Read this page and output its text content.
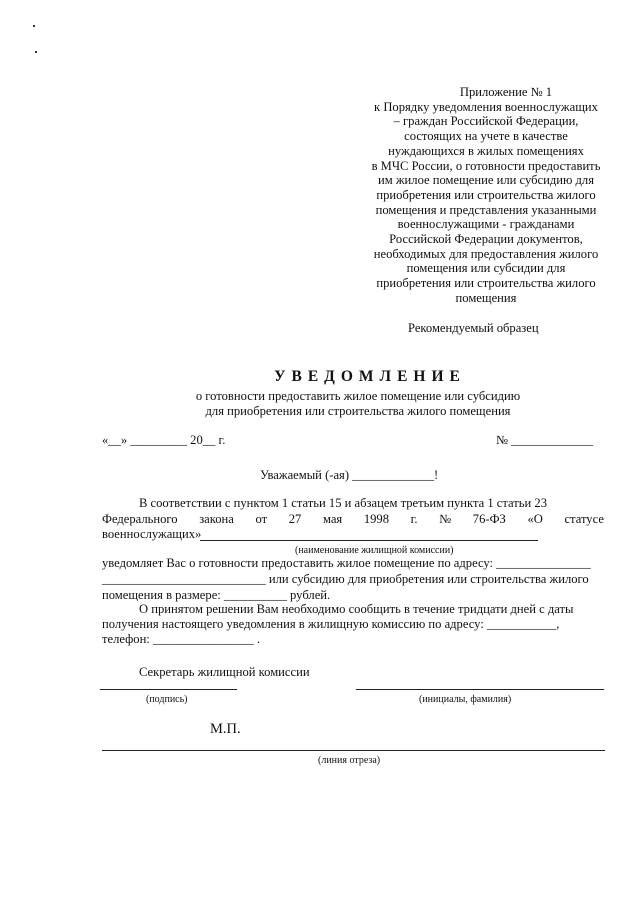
Приложение № 1
к Порядку уведомления военнослужащих
– граждан Российской Федерации,
состоящих на учете в качестве
нуждающихся в жилых помещениях
в МЧС России, о готовности предоставить
им жилое помещение или субсидию для
приобретения или строительства жилого
помещения и представления указанными
военнослужащими - гражданами
Российской Федерации документов,
необходимых для предоставления жилого
помещения или субсидии для
приобретения или строительства жилого
помещения
Рекомендуемый образец
УВЕДОМЛЕНИЕ
о готовности предоставить жилое помещение или субсидию
для приобретения или строительства жилого помещения
«__» _________ 20__ г.	№ _____________
Уважаемый (-ая) _____________!
В соответствии с пунктом 1 статьи 15 и абзацем третьим пункта 1 статьи 23
Федерального закона от 27 мая 1998 г. № 76-ФЗ «О статусе
военнослужащих»
(наименование жилищной комиссии)
уведомляет Вас о готовности предоставить жилое помещение по адресу: _______________
__________________________ или субсидию для приобретения или строительства жилого
помещения в размере: __________ рублей.
О принятом решении Вам необходимо сообщить в течение тридцати дней с даты
получения настоящего уведомления в жилищную комиссию по адресу: ___________,
телефон: ________________ .
Секретарь жилищной комиссии
(подпись)	(инициалы, фамилия)
М.П.
(линия отреза)
